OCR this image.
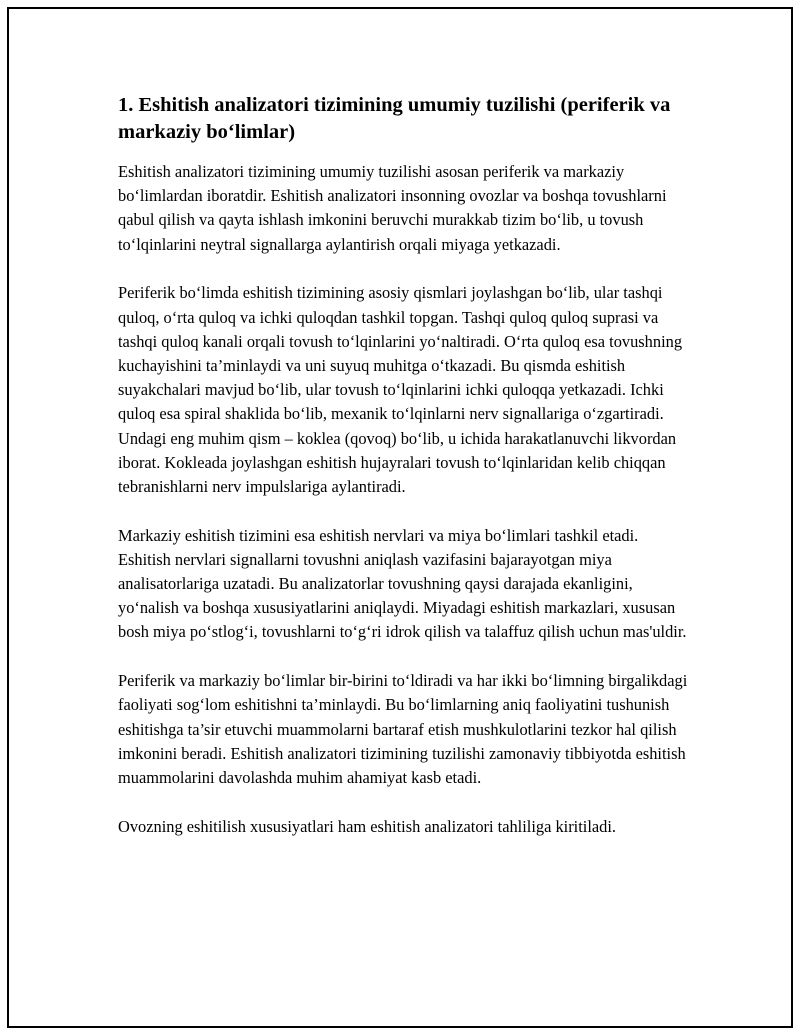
1. Eshitish analizatori tizimining umumiy tuzilishi (periferik va markaziy bo‘limlar)

Eshitish analizatori tizimining umumiy tuzilishi asosan periferik va markaziy bo‘limlardan iboratdir. Eshitish analizatori insonning ovozlar va boshqa tovushlarni qabul qilish va qayta ishlash imkonini beruvchi murakkab tizim bo‘lib, u tovush to‘lqinlarini neytral signallarga aylantirish orqali miyaga yetkazadi.

Periferik bo‘limda eshitish tizimining asosiy qismlari joylashgan bo‘lib, ular tashqi quloq, o‘rta quloq va ichki quloqdan tashkil topgan. Tashqi quloq quloq suprasi va tashqi quloq kanali orqali tovush to‘lqinlarini yo‘naltiradi. O‘rta quloq esa tovushning kuchayishini ta’minlaydi va uni suyuq muhitga o‘tkazadi. Bu qismda eshitish suyakchalari mavjud bo‘lib, ular tovush to‘lqinlarini ichki quloqqa yetkazadi. Ichki quloq esa spiral shaklida bo‘lib, mexanik to‘lqinlarni nerv signallariga o‘zgartiradi. Undagi eng muhim qism – koklea (qovoq) bo‘lib, u ichida harakatlanuvchi likvordan iborat. Kokleada joylashgan eshitish hujayralari tovush to‘lqinlaridan kelib chiqqan tebranishlarni nerv impulslariga aylantiradi.

Markaziy eshitish tizimini esa eshitish nervlari va miya bo‘limlari tashkil etadi. Eshitish nervlari signallarni tovushni aniqlash vazifasini bajarayotgan miya analisatorlariga uzatadi. Bu analizatorlar tovushning qaysi darajada ekanligini, yo‘nalish va boshqa xususiyatlarini aniqlaydi. Miyadagi eshitish markazlari, xususan bosh miya po‘stlog‘i, tovushlarni to‘g‘ri idrok qilish va talaffuz qilish uchun mas'uldir.

Periferik va markaziy bo‘limlar bir-birini to‘ldiradi va har ikki bo‘limning birgalikdagi faoliyati sog‘lom eshitishni ta’minlaydi. Bu bo‘limlarning aniq faoliyatini tushunish eshitishga ta’sir etuvchi muammolarni bartaraf etish mushkulotlarini tezkor hal qilish imkonini beradi. Eshitish analizatori tizimining tuzilishi zamonaviy tibbiyotda eshitish muammolarini davolashda muhim ahamiyat kasb etadi.

Ovozning eshitilish xususiyatlari ham eshitish analizatori tahliliga kiritiladi.
